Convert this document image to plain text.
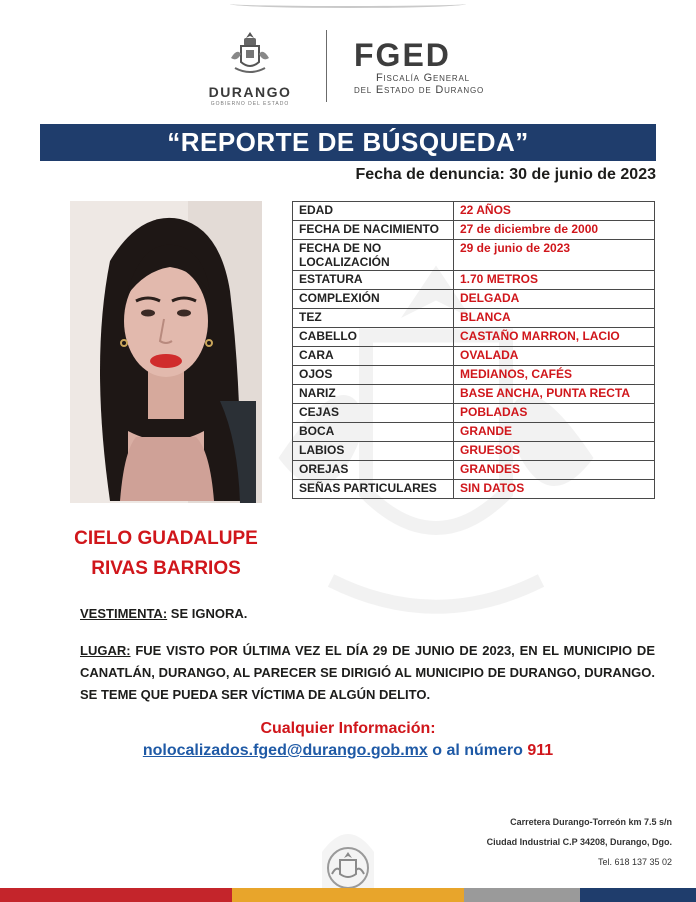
DURANGO
GOBIERNO DEL ESTADO
FGED
Fiscalía General
del Estado de Durango
“REPORTE DE BÚSQUEDA”
Fecha de denuncia: 30 de junio de 2023
EDAD	22 AÑOS
FECHA DE NACIMIENTO	27 de diciembre de 2000
FECHA DE NO LOCALIZACIÓN	29 de junio de 2023
ESTATURA	1.70 METROS
COMPLEXIÓN	DELGADA
TEZ	BLANCA
CABELLO	CASTAÑO MARRON, LACIO
CARA	OVALADA
OJOS	MEDIANOS, CAFÉS
NARIZ	BASE ANCHA, PUNTA RECTA
CEJAS	POBLADAS
BOCA	GRANDE
LABIOS	GRUESOS
OREJAS	GRANDES
SEÑAS PARTICULARES	SIN DATOS
CIELO GUADALUPE
RIVAS BARRIOS
VESTIMENTA: SE IGNORA.
LUGAR: FUE VISTO POR ÚLTIMA VEZ EL DÍA 29 DE JUNIO DE 2023, EN EL MUNICIPIO DE CANATLÁN, DURANGO, AL PARECER SE DIRIGIÓ AL MUNICIPIO DE DURANGO, DURANGO. SE TEME QUE PUEDA SER VÍCTIMA DE ALGÚN DELITO.
Cualquier Información:
nolocalizados.fged@durango.gob.mx o al número 911
Carretera Durango-Torreón km 7.5 s/n
Ciudad Industrial C.P 34208, Durango, Dgo.
Tel. 618 137 35 02
